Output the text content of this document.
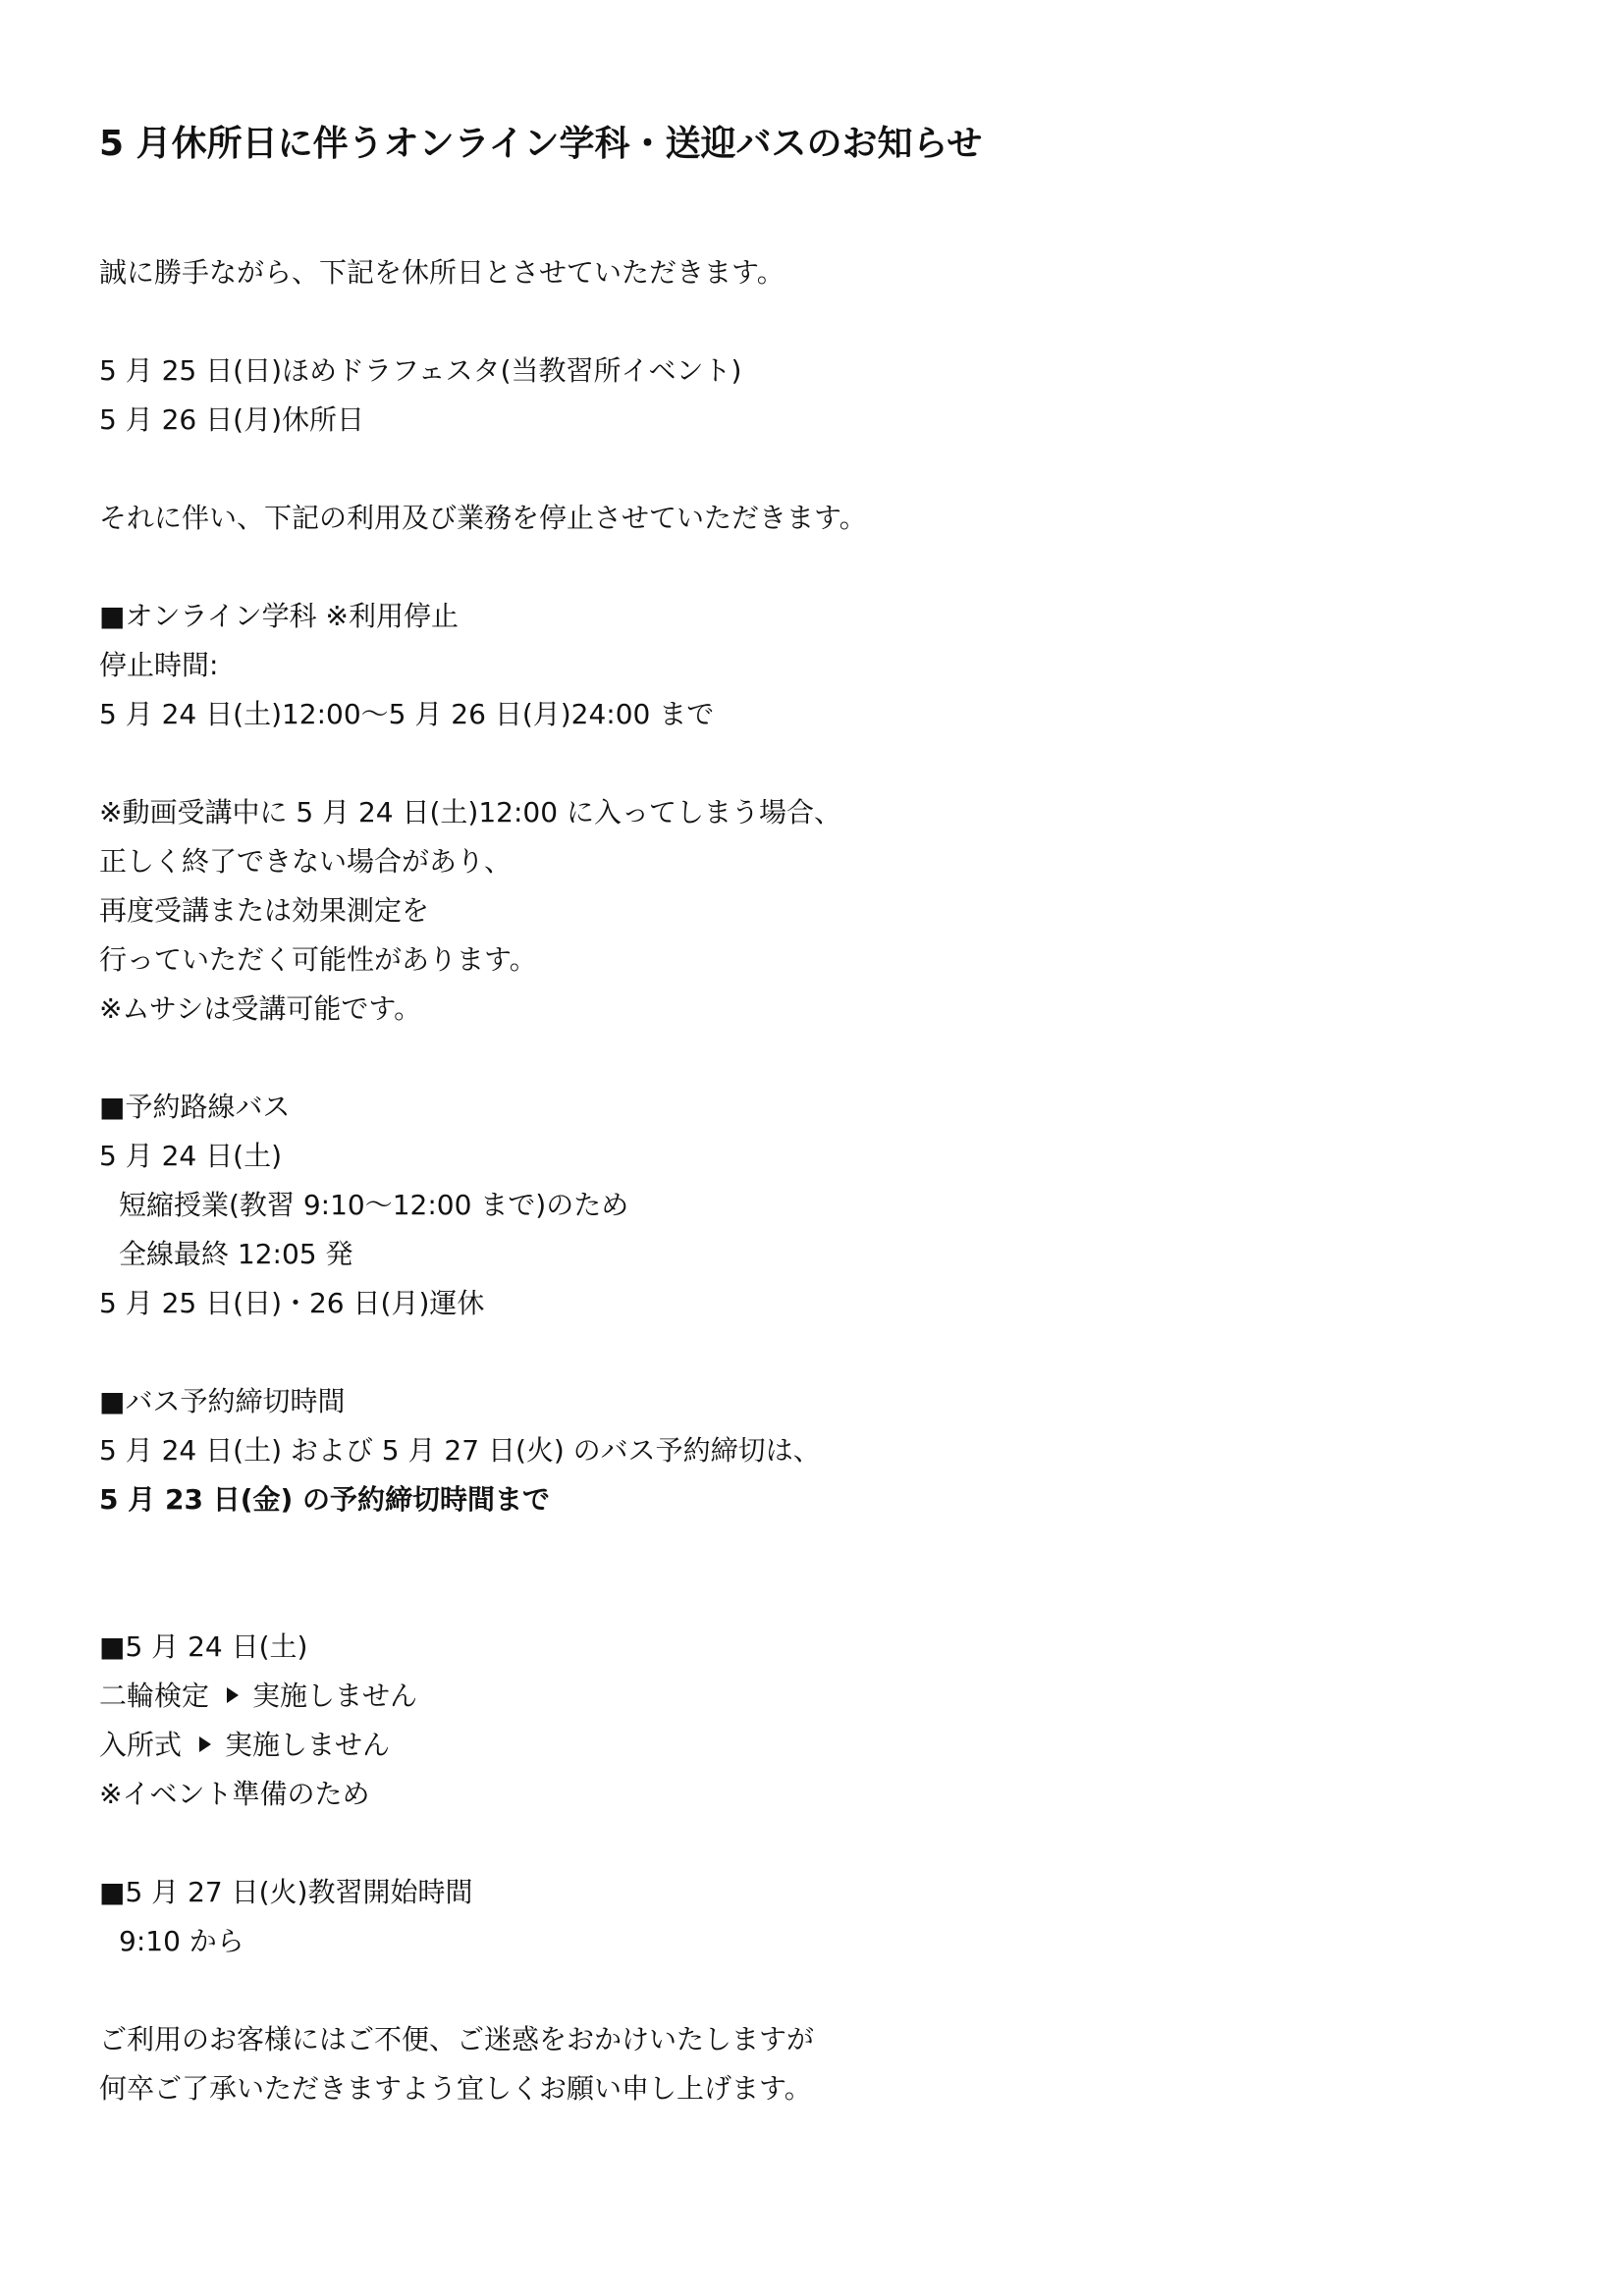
5 月休所日に伴うオンライン学科・送迎バスのお知らせ
誠に勝手ながら、下記を休所日とさせていただきます。
5 月 25 日(日)ほめドラフェスタ(当教習所イベント)
5 月 26 日(月)休所日
それに伴い、下記の利用及び業務を停止させていただきます。
■オンライン学科 ※利用停止
停止時間:
5 月 24 日(土)12:00～5 月 26 日(月)24:00 まで
※動画受講中に 5 月 24 日(土)12:00 に入ってしまう場合、
正しく終了できない場合があり、
再度受講または効果測定を
行っていただく可能性があります。
※ムサシは受講可能です。
■予約路線バス
5 月 24 日(土)
短縮授業(教習 9:10～12:00 まで)のため
全線最終 12:05 発
5 月 25 日(日)・26 日(月)運休
■バス予約締切時間
5 月 24 日(土) および 5 月 27 日(火) のバス予約締切は、
5 月 23 日(金) の予約締切時間まで
■5 月 24 日(土)
二輪検定 実施しません
入所式 実施しません
※イベント準備のため
■5 月 27 日(火)教習開始時間
9:10 から
ご利用のお客様にはご不便、ご迷惑をおかけいたしますが
何卒ご了承いただきますよう宜しくお願い申し上げます。
